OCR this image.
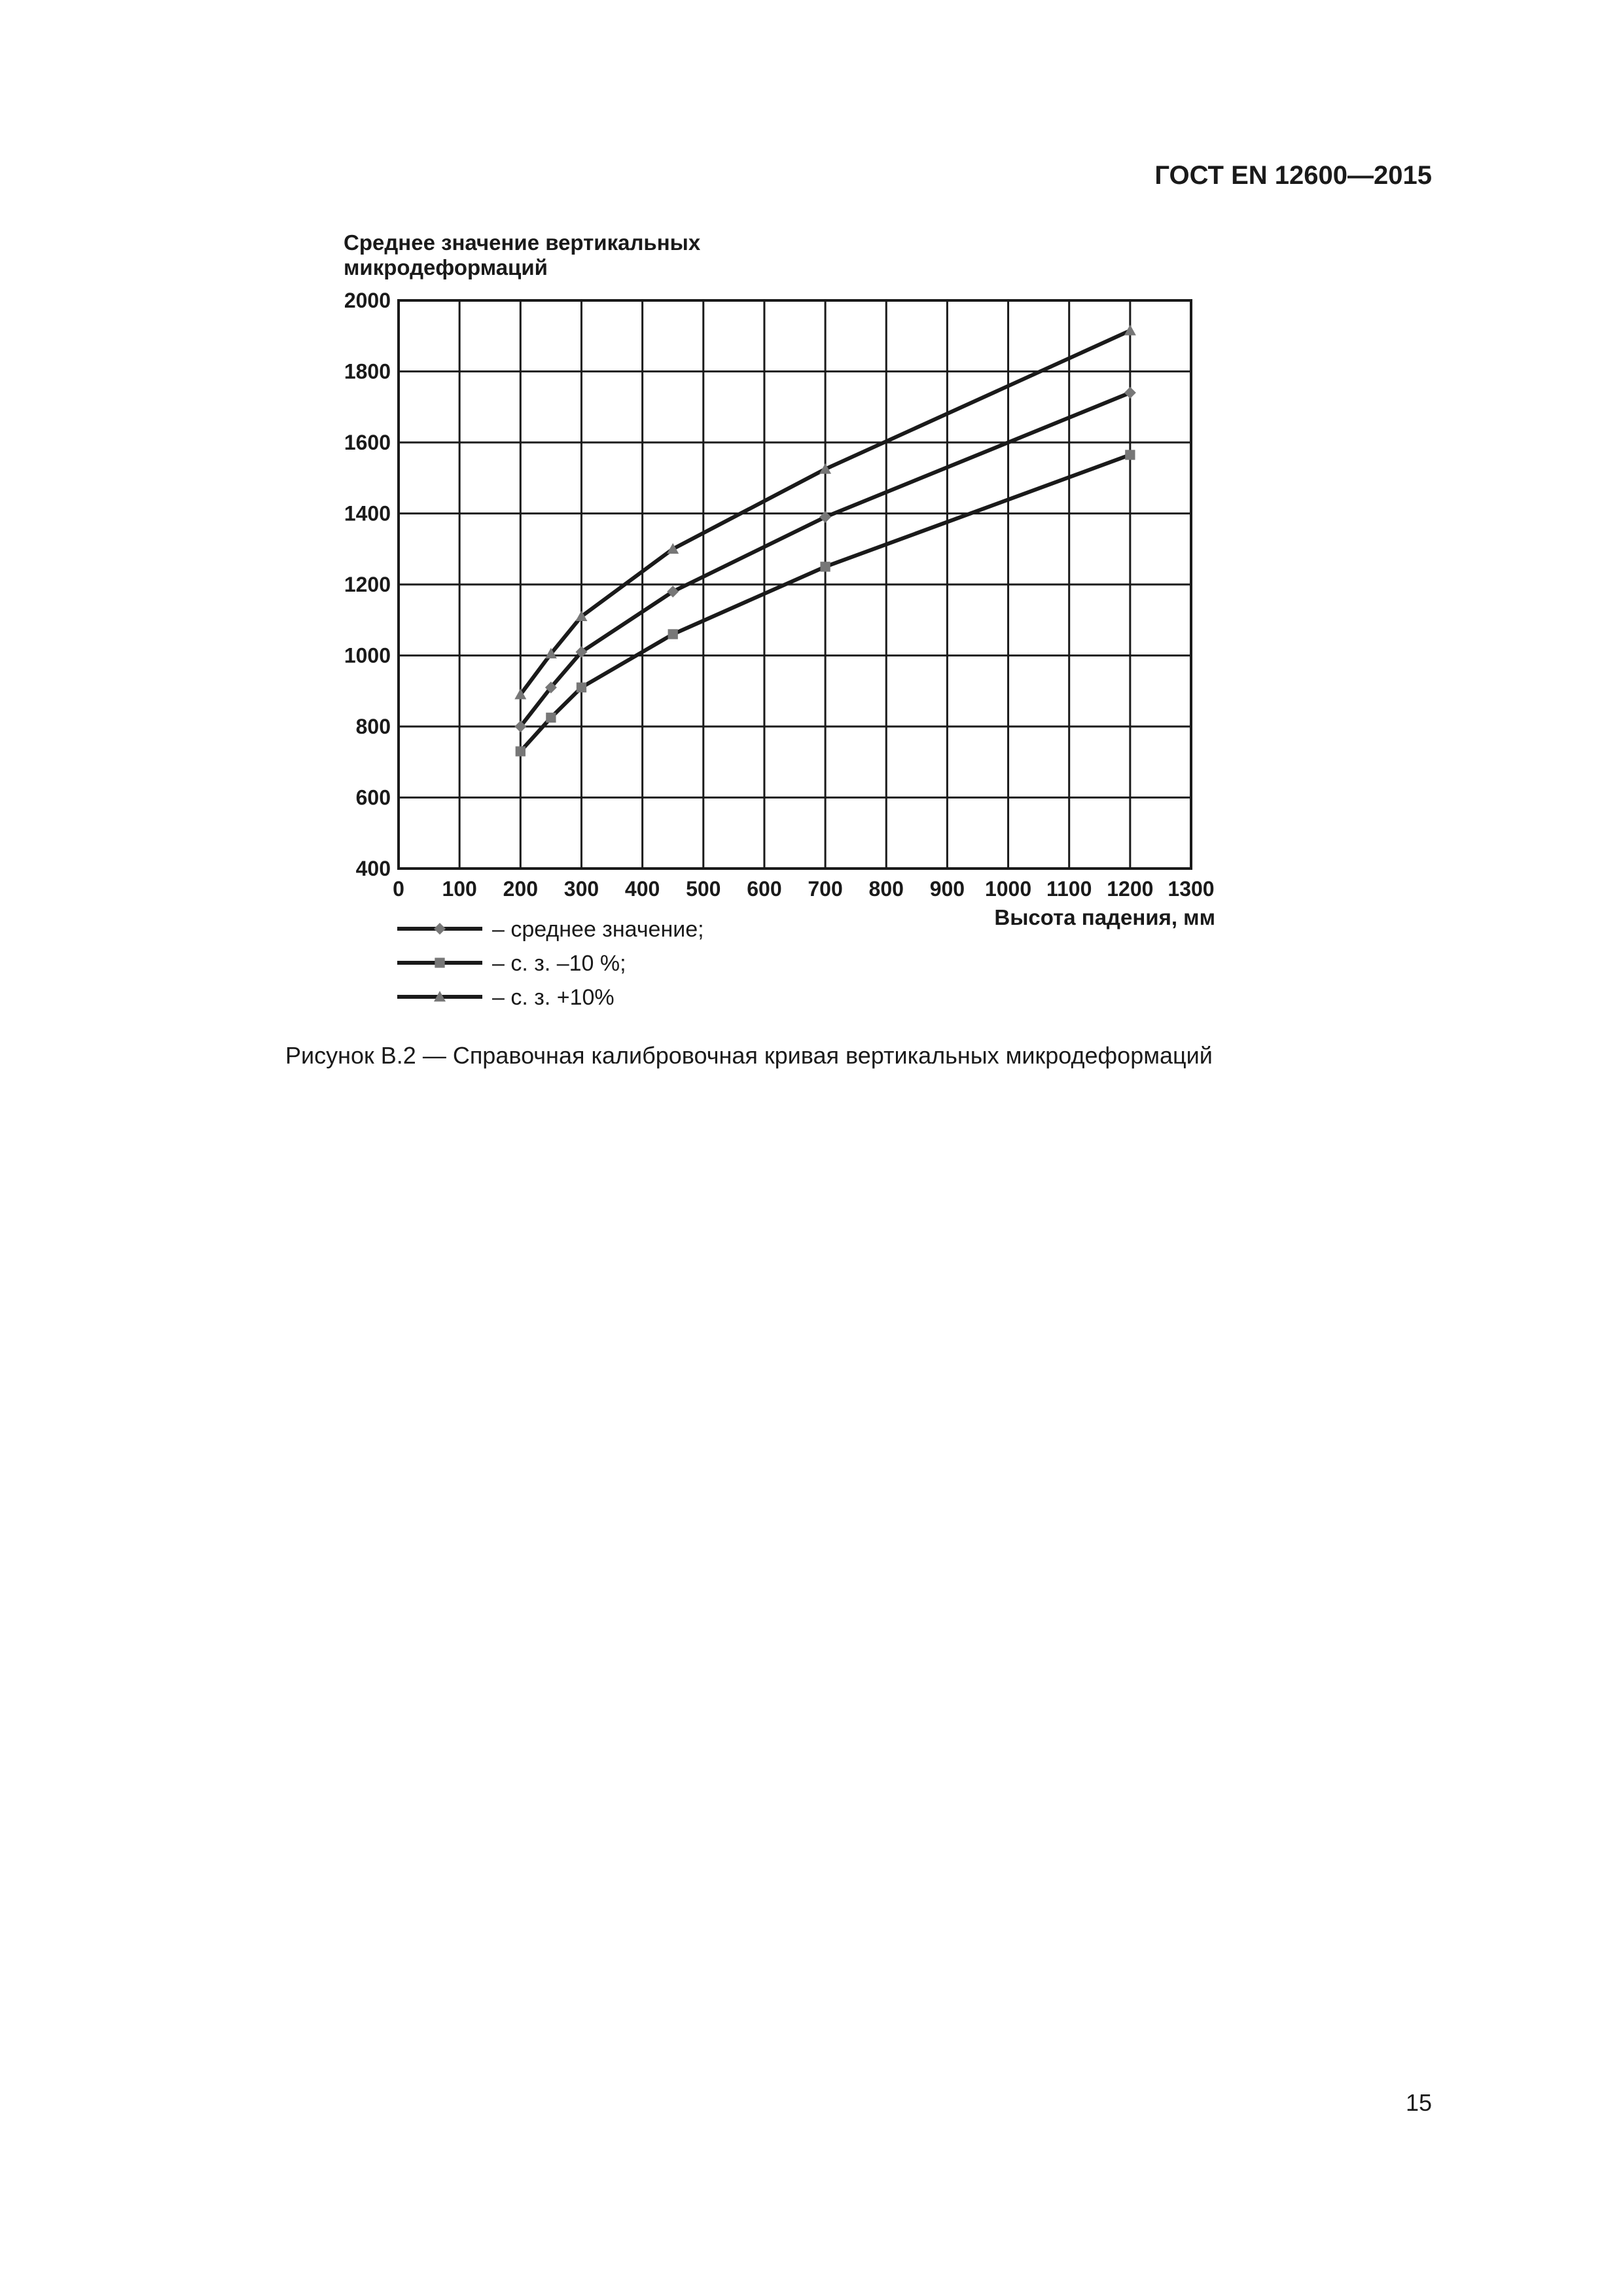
ГОСТ EN 12600—2015
0 100 200 300 400 500 600 700 800 900 1000 1100 1200 1300
400
600
800
1000
1200
1400
1600
1800
2000
Среднее значение вертикальных
микродеформаций
Высота падения, мм
– среднее значение;
– с. з. –10 %;
– с. з. +10%
Рисунок В.2 — Справочная калибровочная кривая вертикальных микродеформаций
15
